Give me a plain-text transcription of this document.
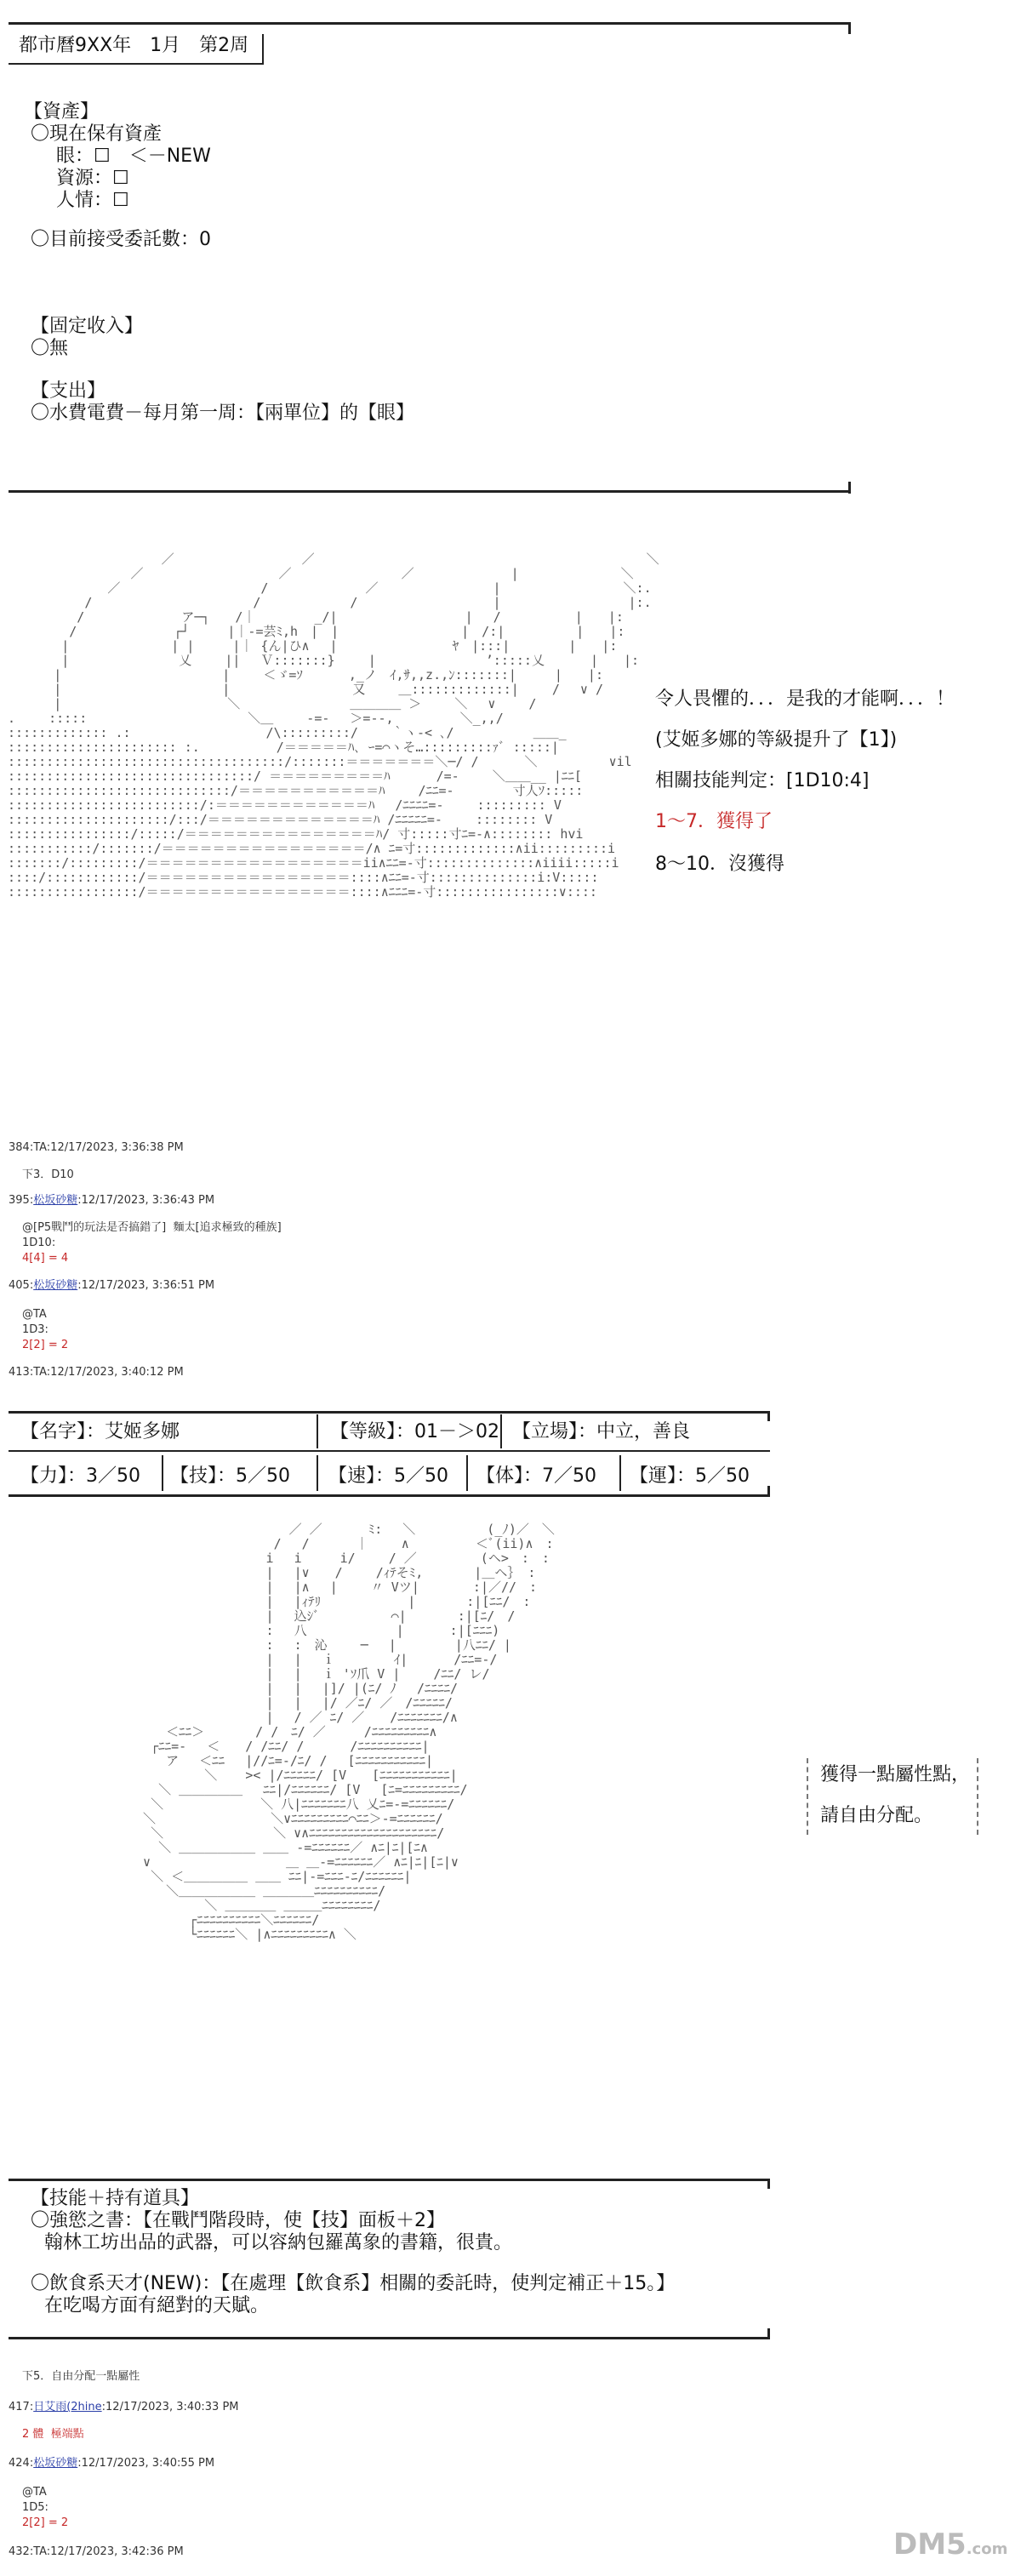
都市曆9XX年　1月　第2周
【資產】
〇現在保有資產
眼：☐　＜－NEW
資源：☐
人情：☐
〇目前接受委託數：0
【固定收入】
〇無
【支出】
〇水費電費－每月第一周：【兩單位】的【眼】

／　　　　　　　　　　／　　　　　　　　　　　　　　　　　　　　　　　　　　＼
／　　　　　　　　　　 ／　　　　　　　　 ／　　　　　　　 |　　　　　　　　＼　　
／　　　　　　　　　　　/　　　　　　　 ／　　　　　　　　　|　　　　　　　　　 ＼:.
/　　　　　　　　　　　　 /　　　　　　　/　　　　　　　　　　 |　　　　　　　　　　|:.
/　　　　　　　 ア─┐　　/｜　　　　 _/|　　　　　　　　　　|　 /　　 　 　 |　　|:
/　　　　　　　 ┌┘　　　|｜-=芸ﾐ,h　|　|　　　　　　　　　 |　/:|　　　　　 |　　|:
|　　　　　　　　| |　　　|｜ {ん|ひ∧ 　|　　　　　　　　　ﾔ　|:::|　　　　 |　　|:
|　　　　　　　　 乂　　 ||　 Ｖ:::::::}　　 |　　　　　　　　 ’:::::乂　　 　|　　|:
|　　　　　　　　 　　　　|　　 ＜ゞ=ｿ　　　 ,_ノ　ｲ,ｻ,,z.,ﾝ:::::::|　　　|　　|:
|　　　　　　　　 　　　　|　　　　　　　　　 又　　 ＿:::::::::::::|　　 /　 ∨ /
|　　　　　　　　　　　　　＼　　　　　　　　 ＿＿＿＿ ＞　　 ＼　 ∨　　 /
.　　 :::::　　　　　　　　　　　　 ＼＿　　 ‐=-　 ＞=‐-,　　 　　 ＼_,,/
::::::::::::: .:　　　　　　　　　　 /\:::::::::/　　 ｀ヽ-< ､/ 　　　　　 ＿＿_
:::::::::::::::::::::: :.　　　　　　/＝＝＝＝＝ﾊ､ ｰ=⌒ヽそ…:::::::::ｧﾞ :::::|
::::::::::::::::::::::::::::::::::::/:::::::＝＝＝＝＝＝＝＼─/ /　　　 ＼　　　　　 ∨il
::::::::::::::::::::::::::::::::/ ＝＝＝＝＝＝＝＝＝ﾊ　　　 /=-　　 ＼＿＿__ |ﾆﾆ[
:::::::::::::::::::::::::::::/＝＝＝＝＝＝＝＝＝＝＝ﾊ　　 /ﾆﾆ=-　　　　 寸人ｿ:::::
:::::::::::::::::::::::::/:＝＝＝＝＝＝＝＝＝＝＝＝ﾊ　 /ﾆﾆﾆﾆ=-　　 ::::::::: V
:::::::::::::::::::::/:::/＝＝＝＝＝＝＝＝＝＝＝＝＝ﾊ /ﾆﾆﾆﾆﾆ=-　　 :::::::: V
::::::::::::::::/:::::/＝＝＝＝＝＝＝＝＝＝＝＝＝＝＝ﾊ/ 寸:::::寸ﾆ=-∧:::::::: hvi
:::::::::::/:::::::/＝＝＝＝＝＝＝＝＝＝＝＝＝＝＝＝/∧ ﾆ=寸:::::::::::::∧ii:::::::::i
:::::::/:::::::::/＝＝＝＝＝＝＝＝＝＝＝＝＝＝＝＝＝ii∧ﾆﾆ=-寸::::::::::::::∧iiii:::::i
::::/::::::::::::/＝＝＝＝＝＝＝＝＝＝＝＝＝＝＝＝::::∧ﾆﾆ=-寸::::::::::::::i:V:::::
:::::::::::::::::/＝＝＝＝＝＝＝＝＝＝＝＝＝＝＝＝::::∧ﾆﾆﾆ=-寸::::::::::::::::∨::::

令人畏懼的．．．是我的才能啊．．．！
(艾姬多娜的等級提升了【1】)
相關技能判定：[1D10:4]
1～7．獲得了
8～10．沒獲得
384:TA:12/17/2023, 3:36:38 PM
下3．D10
395:松坂砂糖:12/17/2023, 3:36:43 PM
@[P5戰鬥的玩法是否搞錯了]  麵太[追求極致的種族]
1D10:
4[4] = 4
405:松坂砂糖:12/17/2023, 3:36:51 PM
@TA
1D3:
2[2] = 2
413:TA:12/17/2023, 3:40:12 PM
【名字】：艾姬多娜	【等級】：01－＞02 【立場】：中立，善良
【力】：3／50 【技】：5／50 【速】：5／50 【体】：7／50 【運】：5／50

／ ／ 　　　ﾐ:　 ＼　　　　　 (_ﾉ)／　＼
/　 /　　　 ｜　　 ∧　 　　　 ＜ﾞ(ii)∧　:
i　 i　　　i/ 　　/ ／　　　　　(ヘ>　:　:
|　 |∨　　/　　 /ｨﾃそﾐ,　　　　|＿ヘ｝ :
|　 |∧　 |　　 〃 Vツ|　　 　 :|／//　:
|　 |ｨﾃﾘ　　 　 　 　|　　　　:|[ﾆﾆ/　:
|　 込ｼﾞ　　　　　 ⌒|　　　　:|[ﾆ/　/
:　 八　　　　　　　|　　 　:|[ﾆﾆﾆ)
:　 :　沁　　 ─　 |　　　　 |八ﾆﾆ/ |
|　 |　 ｉ　　　　 ｲ|　　　 /ﾆﾆ=-/
|　 |　 ｉ 'ｿ爪 V |　　 /ﾆﾆ/ レ/
|　 |　 |]/ |(ﾆ/ ﾉ　 /ﾆﾆﾆﾆ/
|　 |　 |/ ／ﾆ/ ／　/ﾆﾆﾆﾆﾆ/
|　 / ／ ﾆ/ ／　　/ﾆﾆﾆﾆﾆﾆﾆ/∧
＜ﾆﾆ＞　　　　/ /　ﾆ/ ／　　　/ﾆﾆﾆﾆﾆﾆﾆﾆﾆ∧
┌ﾆﾆ=‐　 ＜　　/ /ﾆﾆ/ /　　　 /ﾆﾆﾆﾆﾆﾆﾆﾆﾆﾆ|
ア　 ＜ﾆﾆ　 |//ﾆ=-/ﾆ/ /　 [ﾆﾆﾆﾆﾆﾆﾆﾆﾆﾆﾆ|
＼ 　 >< |/ﾆﾆﾆﾆﾆ/ [V　　[ﾆﾆﾆﾆﾆﾆﾆﾆﾆﾆﾆ|
＼ ＿＿＿＿＿　 ﾆﾆ|/ﾆﾆﾆﾆﾆﾆ/ [V　 [ﾆ=ﾆﾆﾆﾆﾆﾆﾆﾆﾆ/
＼　　　　　　　 ＼ 八|ﾆﾆﾆﾆﾆﾆﾆ八 乂ﾆ=-=ﾆﾆﾆﾆﾆﾆ/
＼　　　　　　　　　＼∨ﾆﾆﾆﾆﾆﾆﾆﾆﾆ⌒ﾆﾆ＞-=ﾆﾆﾆﾆﾆﾆ/
＼　　　　　　　　 ＼ ∨∧ﾆﾆﾆﾆﾆﾆﾆﾆﾆﾆﾆﾆﾆﾆﾆﾆﾆﾆﾆﾆ/
＼ ＿＿＿＿＿＿ ＿＿ -=ﾆﾆﾆﾆﾆﾆ／ ∧ﾆ|ﾆ|[ﾆ∧
∨　　　　　　　　　　 ＿ ＿-=ﾆﾆﾆﾆﾆﾆ／ ∧ﾆ|ﾆ|[ﾆ|∨
＼ ＜＿＿＿＿＿ ＿＿ ﾆﾆ|-=ﾆﾆﾆ-ﾆ/ﾆﾆﾆﾆﾆﾆ|
＼＿＿＿＿＿＿ ＿＿＿＿ﾆﾆﾆﾆﾆﾆﾆﾆﾆﾆ/
＼ ＿＿＿＿ ＿＿＿ﾆﾆﾆﾆﾆﾆﾆﾆ/
┌ﾆﾆﾆﾆﾆﾆﾆﾆﾆﾆ＼ﾆﾆﾆﾆﾆﾆ/
└ﾆﾆﾆﾆﾆﾆ＼ |∧ﾆﾆﾆﾆﾆﾆﾆﾆﾆ∧ ＼

獲得一點屬性點，
請自由分配。
【技能＋持有道具】
〇強慾之書：【在戰鬥階段時，使【技】面板＋2】
翰林工坊出品的武器，可以容納包羅萬象的書籍，很貴。
〇飲食系天才(NEW)：【在處理【飲食系】相關的委託時，使判定補正＋15。】
在吃喝方面有絕對的天賦。
下5．自由分配一點屬性
417:日艾雨(2hine:12/17/2023, 3:40:33 PM
2 體  極端點
424:松坂砂糖:12/17/2023, 3:40:55 PM
@TA
1D5:
2[2] = 2
432:TA:12/17/2023, 3:42:36 PM	DM5.com
